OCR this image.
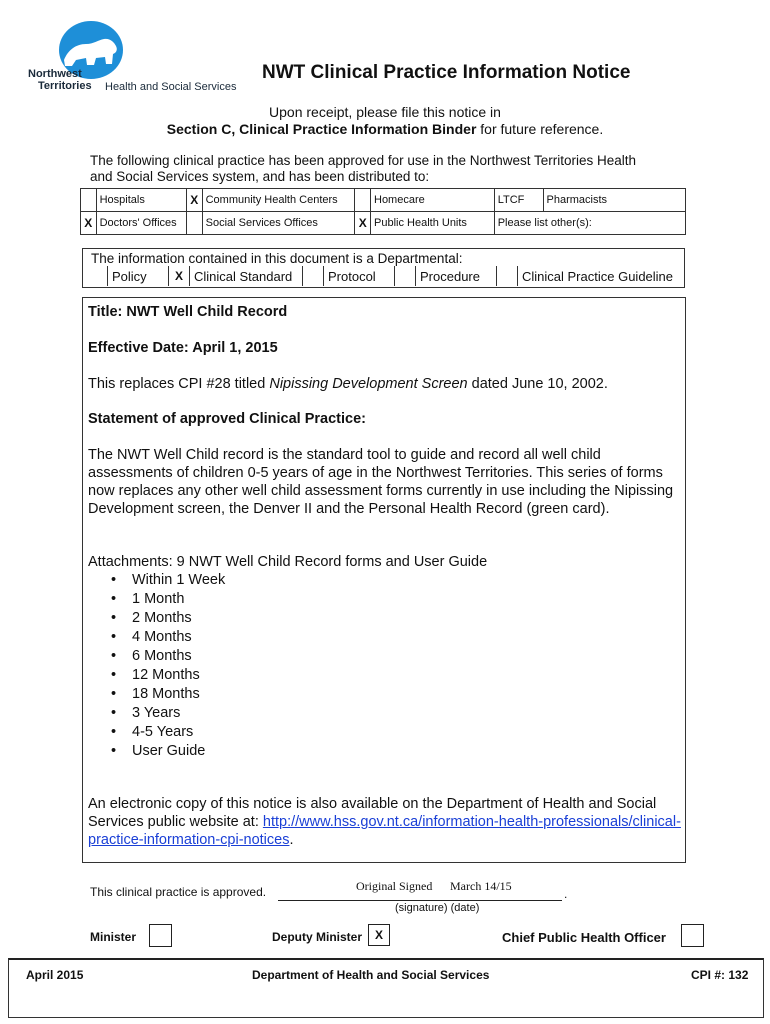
Northwest
Territories Health and Social Services
NWT Clinical Practice Information Notice
Upon receipt, please file this notice in
Section C, Clinical Practice Information Binder for future reference.
The following clinical practice has been approved for use in the Northwest Territories Health and Social Services system, and has been distributed to:
	Hospitals	X	Community Health Centers		Homecare	LTCF	Pharmacists
X	Doctors' Offices		Social Services Offices	X	Public Health Units	Please list other(s):	
The information contained in this document is a Departmental:
	Policy	X	Clinical Standard		Protocol		Procedure		Clinical Practice Guideline
Title: NWT Well Child Record
Effective Date: April 1, 2015
This replaces CPI #28 titled Nipissing Development Screen dated June 10, 2002.
Statement of approved Clinical Practice:
The NWT Well Child record is the standard tool to guide and record all well child assessments of children 0-5 years of age in the Northwest Territories. This series of forms now replaces any other well child assessment forms currently in use including the Nipissing Development screen, the Denver II and the Personal Health Record (green card).
Attachments: 9 NWT Well Child Record forms and User Guide
• Within 1 Week
• 1 Month
• 2 Months
• 4 Months
• 6 Months
• 12 Months
• 18 Months
• 3 Years
• 4-5 Years
• User Guide
An electronic copy of this notice is also available on the Department of Health and Social Services public website at: http://www.hss.gov.nt.ca/information-health-professionals/clinical-practice-information-cpi-notices.
This clinical practice is approved.	Original Signed March 14/15
.
(signature) (date)
Minister	Deputy Minister	X	Chief Public Health Officer
April 2015	Department of Health and Social Services	CPI #: 132
